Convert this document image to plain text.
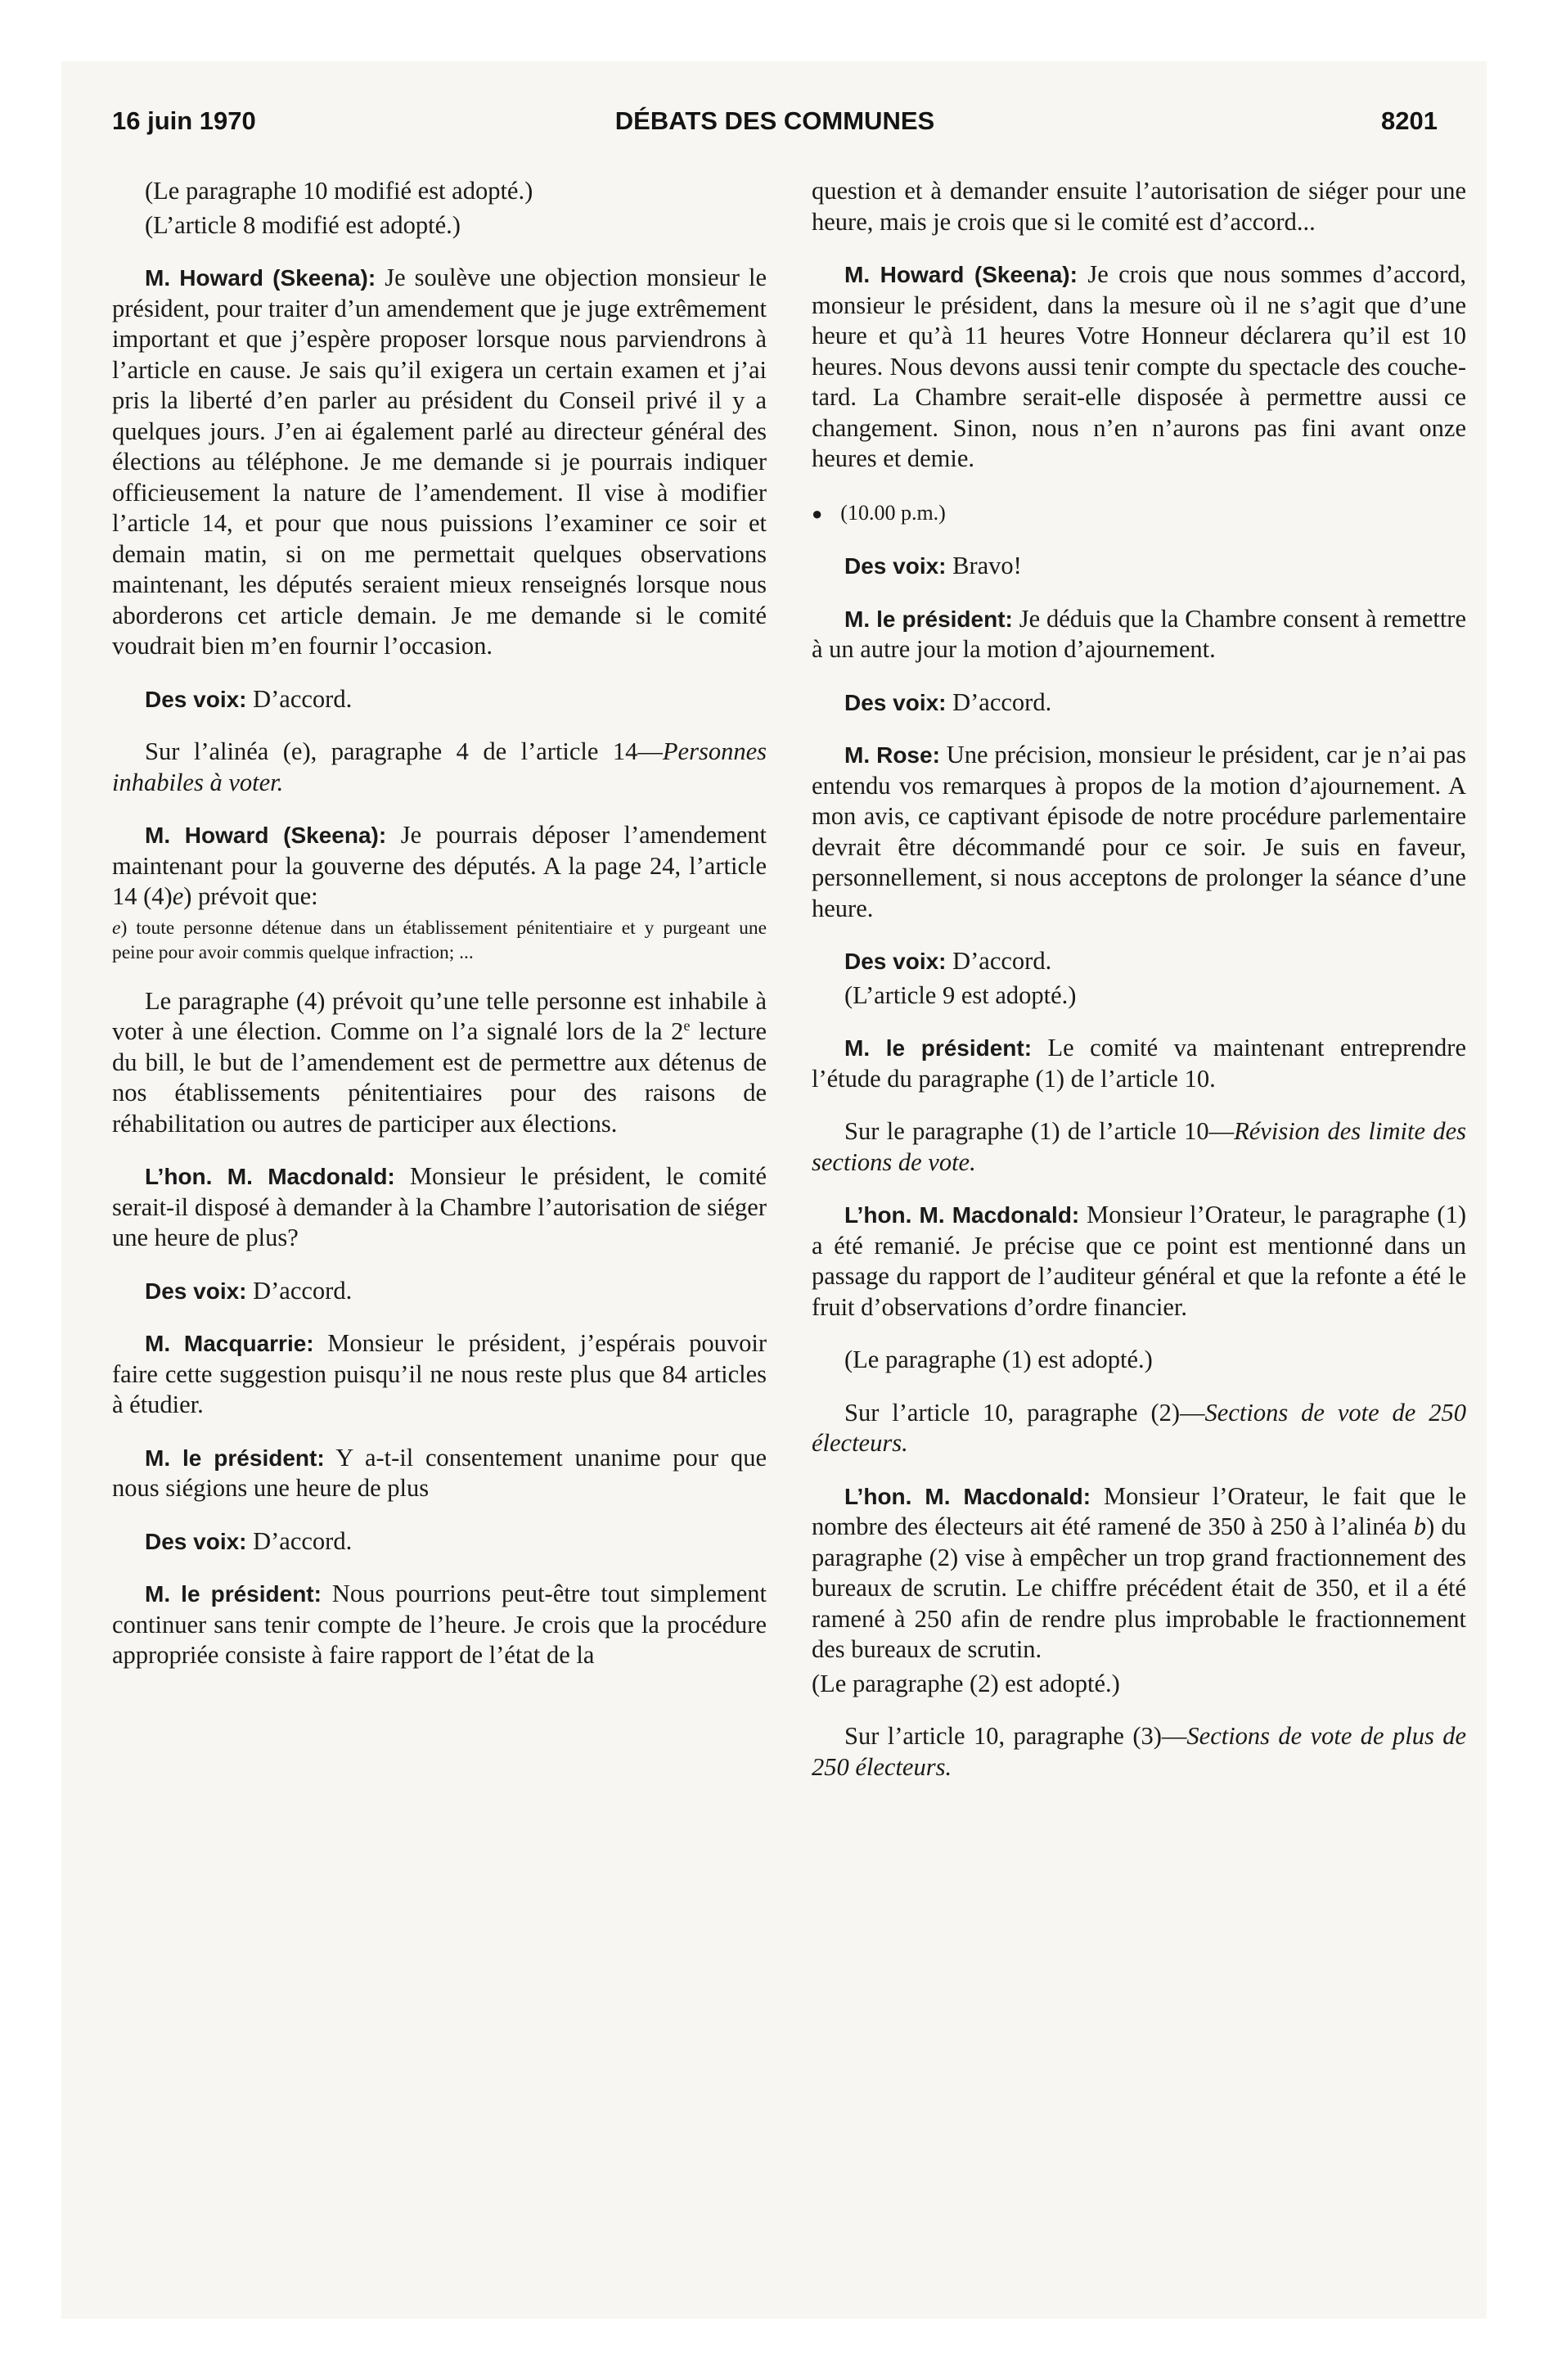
16 juin 1970	DÉBATS DES COMMUNES	8201

(Le paragraphe 10 modifié est adopté.)

(L’article 8 modifié est adopté.)

M. Howard (Skeena): Je soulève une objection monsieur le président, pour traiter d’un amendement que je juge extrêmement important et que j’espère proposer lorsque nous parviendrons à l’article en cause. Je sais qu’il exigera un certain examen et j’ai pris la liberté d’en parler au président du Conseil privé il y a quelques jours. J’en ai également parlé au directeur général des élections au téléphone. Je me demande si je pourrais indiquer officieusement la nature de l’amendement. Il vise à modifier l’article 14, et pour que nous puissions l’examiner ce soir et demain matin, si on me permettait quelques observations maintenant, les députés seraient mieux renseignés lorsque nous aborderons cet article demain. Je me demande si le comité voudrait bien m’en fournir l’occasion.

Des voix: D’accord.

Sur l’alinéa (e), paragraphe 4 de l’article 14—Personnes inhabiles à voter.

M. Howard (Skeena): Je pourrais déposer l’amendement maintenant pour la gouverne des députés. A la page 24, l’article 14 (4)e) prévoit que:

e) toute personne détenue dans un établissement pénitentiaire et y purgeant une peine pour avoir commis quelque infraction; ...

Le paragraphe (4) prévoit qu’une telle personne est inhabile à voter à une élection. Comme on l’a signalé lors de la 2e lecture du bill, le but de l’amendement est de permettre aux détenus de nos établissements pénitentiaires pour des raisons de réhabilitation ou autres de participer aux élections.

L’hon. M. Macdonald: Monsieur le président, le comité serait-il disposé à demander à la Chambre l’autorisation de siéger une heure de plus?

Des voix: D’accord.

M. Macquarrie: Monsieur le président, j’espérais pouvoir faire cette suggestion puisqu’il ne nous reste plus que 84 articles à étudier.

M. le président: Y a-t-il consentement unanime pour que nous siégions une heure de plus

Des voix: D’accord.

M. le président: Nous pourrions peut-être tout simplement continuer sans tenir compte de l’heure. Je crois que la procédure appropriée consiste à faire rapport de l’état de la

question et à demander ensuite l’autorisation de siéger pour une heure, mais je crois que si le comité est d’accord...

M. Howard (Skeena): Je crois que nous sommes d’accord, monsieur le président, dans la mesure où il ne s’agit que d’une heure et qu’à 11 heures Votre Honneur déclarera qu’il est 10 heures. Nous devons aussi tenir compte du spectacle des couche-tard. La Chambre serait-elle disposée à permettre aussi ce changement. Sinon, nous n’en n’aurons pas fini avant onze heures et demie.

● (10.00 p.m.)

Des voix: Bravo!

M. le président: Je déduis que la Chambre consent à remettre à un autre jour la motion d’ajournement.

Des voix: D’accord.

M. Rose: Une précision, monsieur le président, car je n’ai pas entendu vos remarques à propos de la motion d’ajournement. A mon avis, ce captivant épisode de notre procédure parlementaire devrait être décommandé pour ce soir. Je suis en faveur, personnellement, si nous acceptons de prolonger la séance d’une heure.

Des voix: D’accord.

(L’article 9 est adopté.)

M. le président: Le comité va maintenant entreprendre l’étude du paragraphe (1) de l’article 10.

Sur le paragraphe (1) de l’article 10—Révision des limite des sections de vote.

L’hon. M. Macdonald: Monsieur l’Orateur, le paragraphe (1) a été remanié. Je précise que ce point est mentionné dans un passage du rapport de l’auditeur général et que la refonte a été le fruit d’observations d’ordre financier.

(Le paragraphe (1) est adopté.)

Sur l’article 10, paragraphe (2)—Sections de vote de 250 électeurs.

L’hon. M. Macdonald: Monsieur l’Orateur, le fait que le nombre des électeurs ait été ramené de 350 à 250 à l’alinéa b) du paragraphe (2) vise à empêcher un trop grand fractionnement des bureaux de scrutin. Le chiffre précédent était de 350, et il a été ramené à 250 afin de rendre plus improbable le fractionnement des bureaux de scrutin.

(Le paragraphe (2) est adopté.)

Sur l’article 10, paragraphe (3)—Sections de vote de plus de 250 électeurs.
